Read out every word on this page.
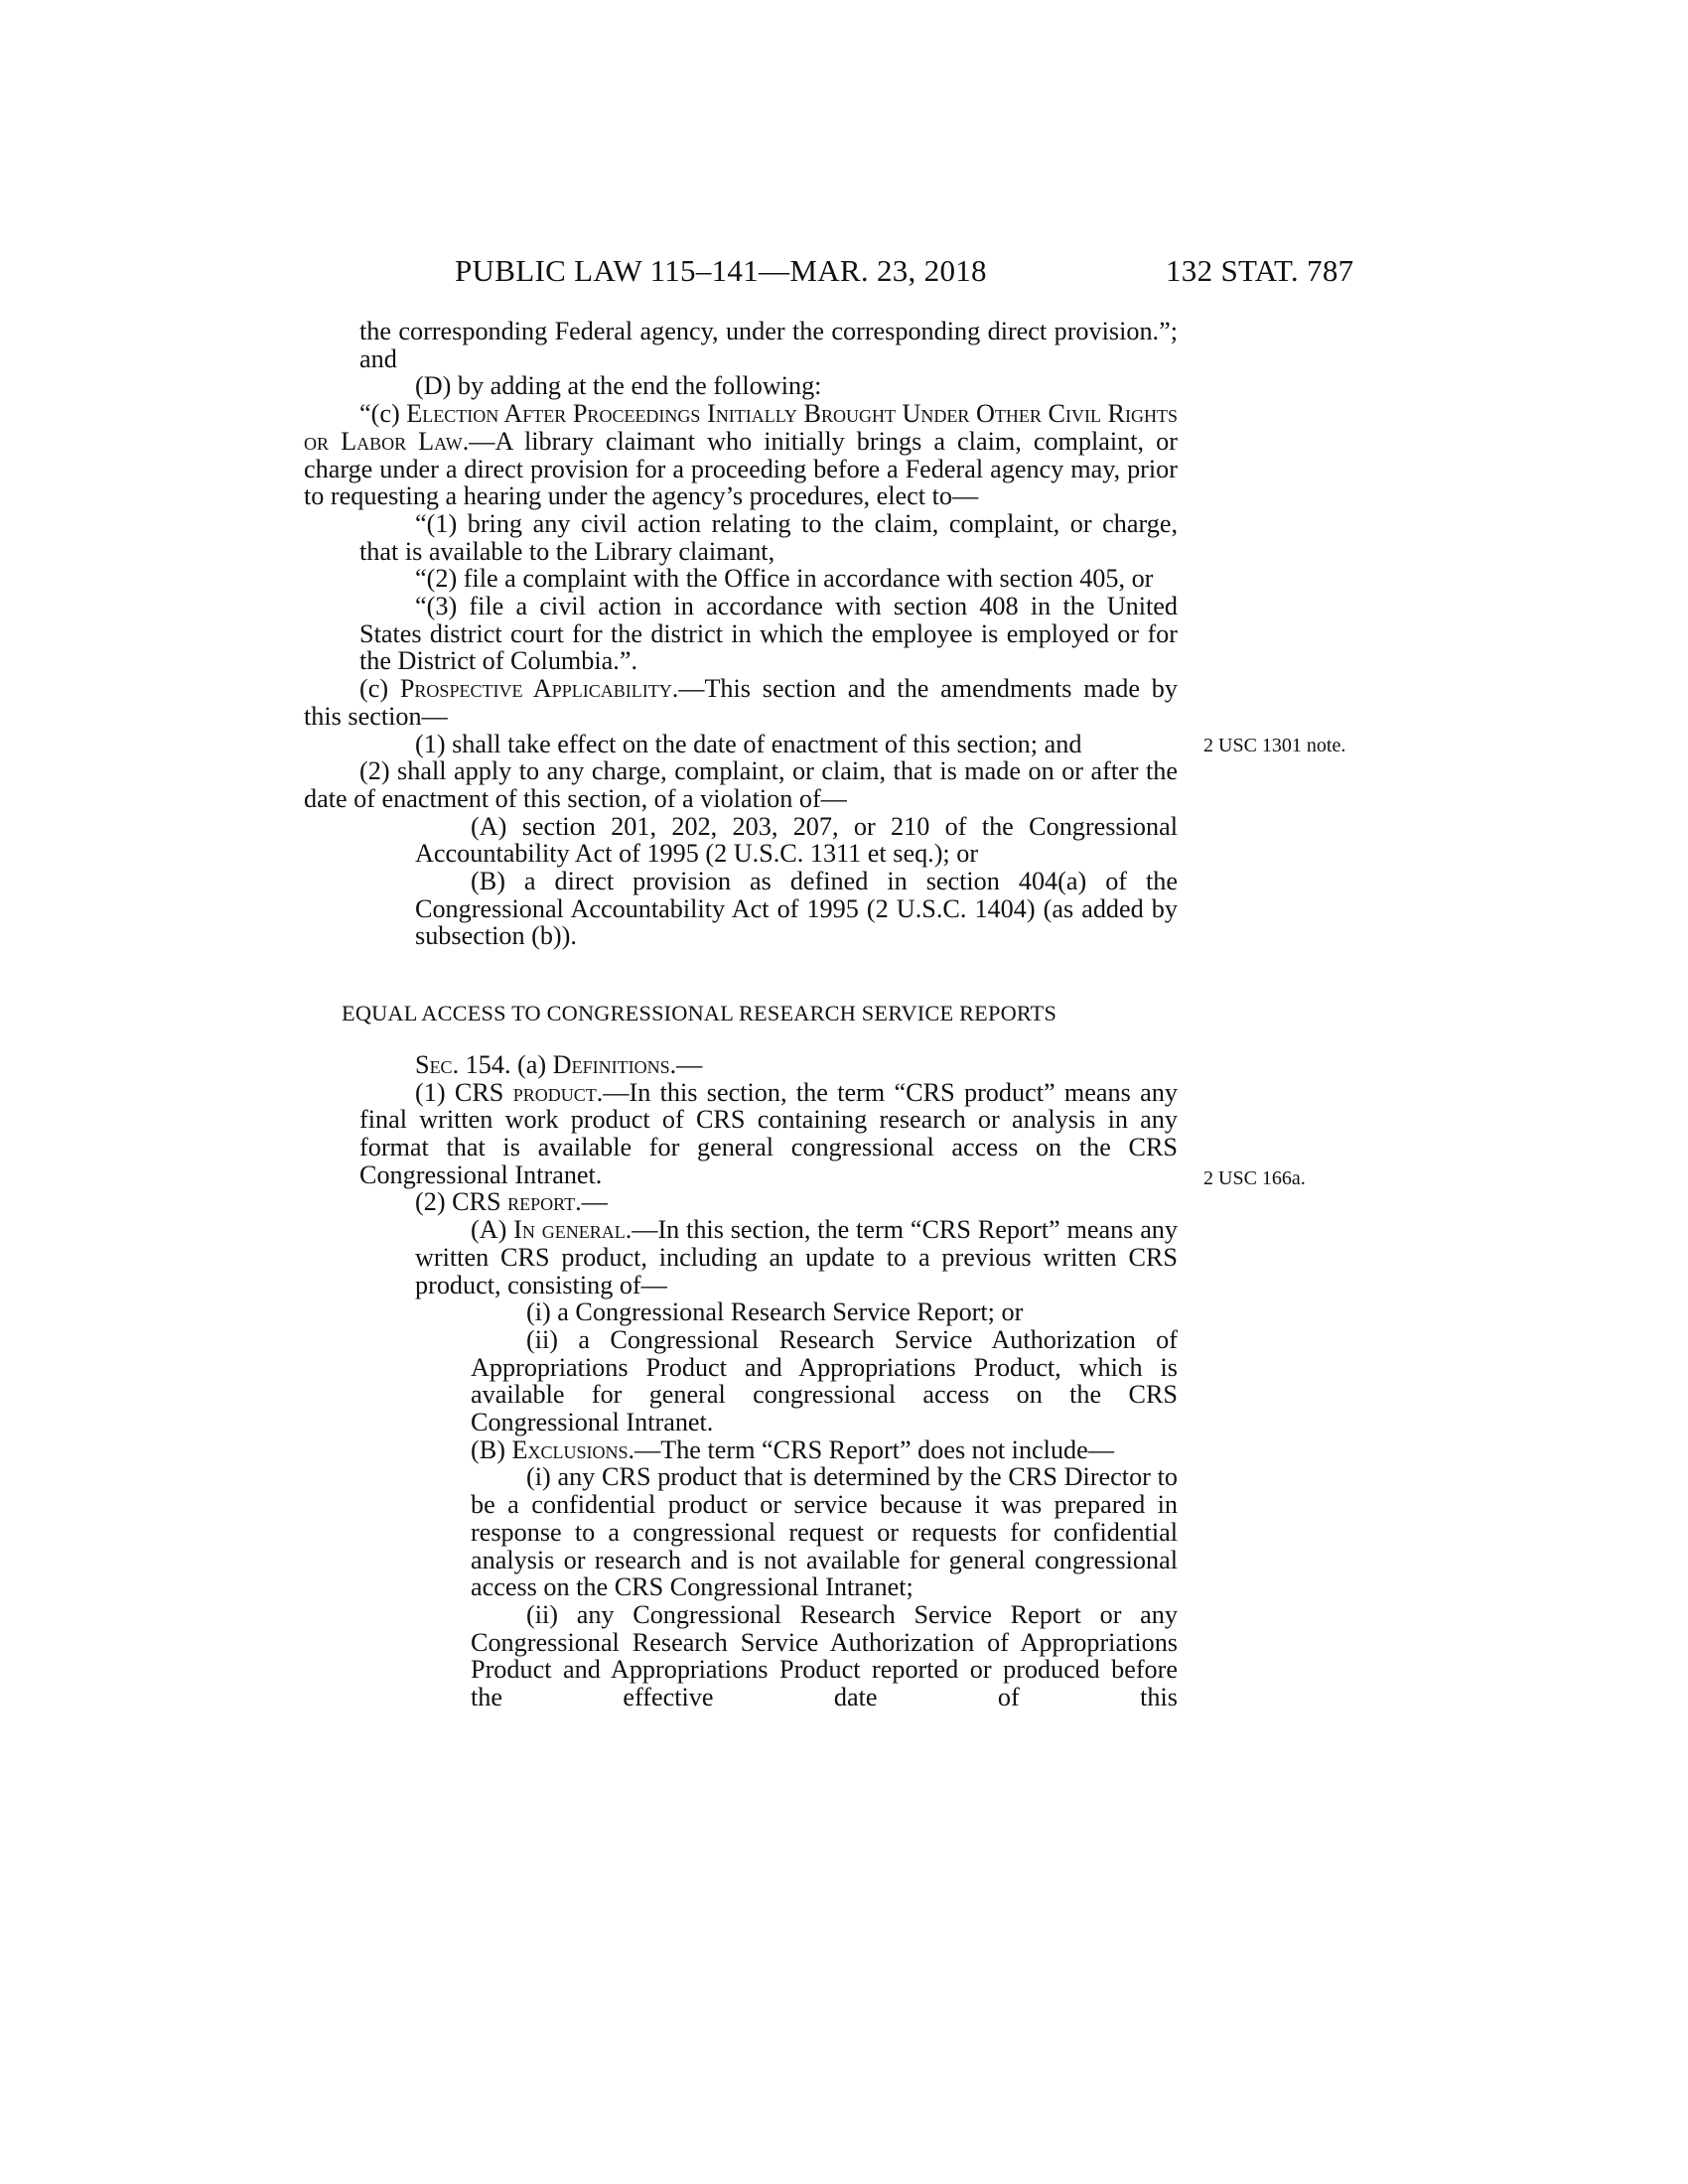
PUBLIC LAW 115–141—MAR. 23, 2018	132 STAT. 787
2 USC 1301 note.
2 USC 166a.

the corresponding Federal agency, under the corresponding direct provision.”; and

(D) by adding at the end the following:

“(c) Election After Proceedings Initially Brought Under Other Civil Rights or Labor Law.—A library claimant who initially brings a claim, complaint, or charge under a direct provision for a proceeding before a Federal agency may, prior to requesting a hearing under the agency’s procedures, elect to—

“(1) bring any civil action relating to the claim, complaint, or charge, that is available to the Library claimant,

“(2) file a complaint with the Office in accordance with section 405, or

“(3) file a civil action in accordance with section 408 in the United States district court for the district in which the employee is employed or for the District of Columbia.”.

(c) Prospective Applicability.—This section and the amendments made by this section—

(1) shall take effect on the date of enactment of this section; and

(2) shall apply to any charge, complaint, or claim, that is made on or after the date of enactment of this section, of a violation of—

(A) section 201, 202, 203, 207, or 210 of the Congressional Accountability Act of 1995 (2 U.S.C. 1311 et seq.); or

(B) a direct provision as defined in section 404(a) of the Congressional Accountability Act of 1995 (2 U.S.C. 1404) (as added by subsection (b)).

EQUAL ACCESS TO CONGRESSIONAL RESEARCH SERVICE REPORTS

Sec. 154. (a) Definitions.—

(1) CRS product.—In this section, the term “CRS product” means any final written work product of CRS containing research or analysis in any format that is available for general congressional access on the CRS Congressional Intranet.

(2) CRS report.—

(A) In general.—In this section, the term “CRS Report” means any written CRS product, including an update to a previous written CRS product, consisting of—

(i) a Congressional Research Service Report; or

(ii) a Congressional Research Service Authorization of Appropriations Product and Appropriations Product, which is available for general congressional access on the CRS Congressional Intranet.

(B) Exclusions.—The term “CRS Report” does not include—

(i) any CRS product that is determined by the CRS Director to be a confidential product or service because it was prepared in response to a congressional request or requests for confidential analysis or research and is not available for general congressional access on the CRS Congressional Intranet;

(ii) any Congressional Research Service Report or any Congressional Research Service Authorization of Appropriations Product and Appropriations Product reported or produced before the effective date of this
